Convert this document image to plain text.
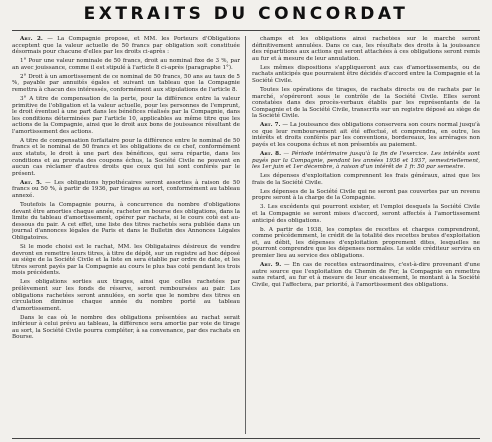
EXTRAITS DU CONCORDAT

Art. 2. — La Compagnie propose, et MM. les Porteurs d'Obligations acceptent que la valeur actuelle de 50 francs par obligation soit constituée désormais pour chacune d'elles par les droits ci-après :

1° Pour une valeur nominale de 50 francs, droit au nominal fixe de 3 %, par an avec jouissance, comme il est stipulé à l'article 8 ci-après (paragraphe 1°).

2° Droit à un amortissement de ce nominal de 50 francs, 50 ans au taux de 5 %, payable par annuités égales et suivant un tableau que la Compagnie remettra à chacun des intéressés, conformément aux stipulations de l'article 8.

3° A titre de compensation de la perte, pour la différence entre la valeur primitive de l'obligation et la valeur actuelle, pour les personnes de l'emprunt, le droit éventuel à une part dans les bénéfices réalisés par la Compagnie, dans les conditions déterminées par l'article 10, applicables au même titre que les actions de la Compagnie, ainsi que le droit aux bons de jouissance résultant de l'amortissement des actions.

A titre de compensation forfaitaire pour la différence entre le nominal de 50 francs et le nominal de 50 francs et les obligations de ce chef, conformément aux statuts, le droit à une part des bénéfices, qui sera répartie, dans les conditions et au prorata des coupons échus, la Société Civile ne pouvant en aucun cas réclamer d'autres droits que ceux qui lui sont conférés par le présent.

Art. 5. — Les obligations hypothécaires seront assorties à raison de 50 francs ou 50 %, à partir de 1936, par tirages au sort, conformément au tableau annexé.

Toutefois la Compagnie pourra, à concurrence du nombre d'obligations devant être amorties chaque année, racheter en bourse des obligations, dans la limite du tableau d'amortissement, opérer par rachats, si le cours coté est au-dessous du pair. A cet effet, une liste des titres rachetés sera publiée dans un journal d'annonces légales de Paris et dans le Bulletin des Annonces Légales Obligatoires.

Si le mode choisi est le rachat, MM. les Obligataires désireux de vendre devront en remettre leurs titres, à titre de dépôt, sur un registre ad hoc déposé au siège de la Société Civile et la liste en sera établie par ordre de date, et les titres seront payés par la Compagnie au cours le plus bas coté pendant les trois mois précédents.

Les obligations sorties aux tirages, ainsi que celles rachetées par prélèvement sur les fonds de réserve, seront remboursées au pair. Les obligations rachetées seront annulées, en sorte que le nombre des titres en circulation diminue chaque année du nombre porté au tableau d'amortissement.

Dans le cas où le nombre des obligations présentées au rachat serait inférieur à celui prévu au tableau, la différence sera amortie par voie de tirage au sort, la Société Civile pourra compléter, à sa convenance, par des rachats en Bourse.

champs et les obligations ainsi rachetées sur le marché seront définitivement annulées. Dans ce cas, les résultats des droits à la jouissance des répartitions aux actions qui seront attachées à ces obligations seront remis au fur et à mesure de leur annulation.

Les mêmes dispositions s'appliqueront aux cas d'amortissements, ou de rachats anticipés que pourraient être décidés d'accord entre la Compagnie et la Société Civile.

Toutes les opérations de tirages, de rachats directs ou de rachats par le marché, s'opéreront sous le contrôle de la Société Civile. Elles seront constatées dans des procès-verbaux établis par les représentants de la Compagnie et de la Société Civile, transcrits sur un registre déposé au siège de la Société Civile.

Art. 7. — La jouissance des obligations conservera son cours normal jusqu'à ce que leur remboursement ait été effectué, et comprendra, en outre, les intérêts et droits conférés par les conventions, bordereaux, les arrérages non payés et les coupons échus et non présentés au paiement.

Art. 8. — Période intérimaire jusqu'à la fin de l'exercice. Les intérêts sont payés par la Compagnie, pendant les années 1936 et 1937, semestriellement, les 1er juin et 1er décembre, à raison d'un intérêt de 1 fr. 50 par semestre.

Les dépenses d'exploitation comprennent les frais généraux, ainsi que les frais de la Société Civile.

Les dépenses de la Société Civile qui ne seront pas couvertes par un revenu propre seront à la charge de la Compagnie.

3. Les excédents qui pourront exister, et l'emploi desquels la Société Civile et la Compagnie se seront mises d'accord, seront affectés à l'amortissement anticipé des obligations.

b. A partir de 1938, les comptes de recettes et charges comprendront, comme précédemment, le crédit de la totalité des recettes brutes d'exploitation et, au débit, les dépenses d'exploitation proprement dites, lesquelles ne pourront comprendre que les dépenses normales. Le solde créditeur servira en premier lieu au service des obligations.

Art. 9. — En cas de recettes extraordinaires, c'est-à-dire provenant d'une autre source que l'exploitation du Chemin de Fer, la Compagnie en remettra sans retard, au fur et à mesure de leur encaissement, le montant à la Société Civile, qui l'affectera, par priorité, à l'amortissement des obligations.
